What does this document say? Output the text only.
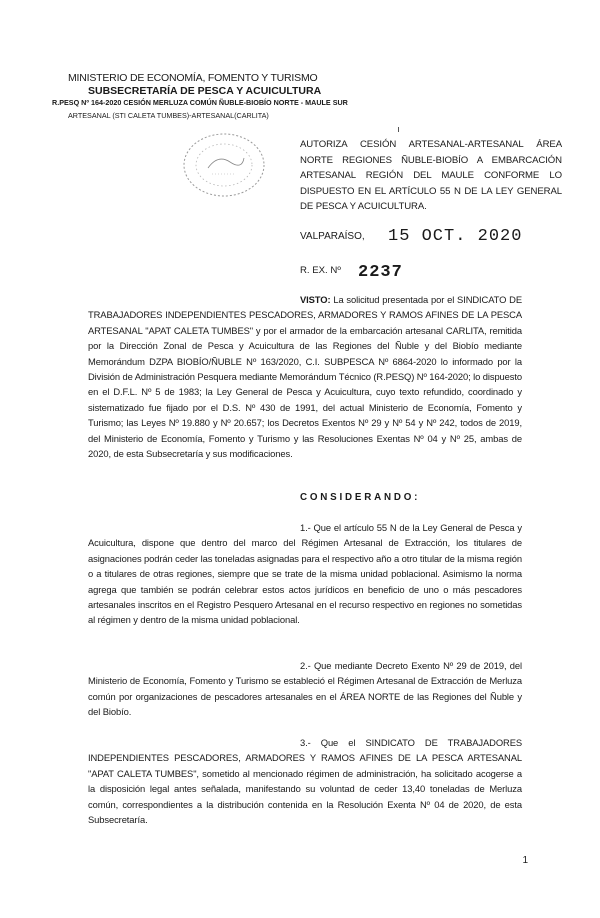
MINISTERIO DE ECONOMÍA, FOMENTO Y TURISMO
SUBSECRETARÍA DE PESCA Y ACUICULTURA
R.PESQ Nº 164-2020 CESIÓN MERLUZA COMÚN ÑUBLE-BIOBÍO NORTE - MAULE SUR
ARTESANAL (STI CALETA TUMBES)-ARTESANAL(CARLITA)
AUTORIZA CESIÓN ARTESANAL-ARTESANAL ÁREA NORTE REGIONES ÑUBLE-BIOBÍO A EMBARCACIÓN ARTESANAL REGIÓN DEL MAULE CONFORME LO DISPUESTO EN EL ARTÍCULO 55 N DE LA LEY GENERAL DE PESCA Y ACUICULTURA.
VALPARAÍSO, 15 OCT. 2020
R. EX. Nº 2237
VISTO: La solicitud presentada por el SINDICATO DE TRABAJADORES INDEPENDIENTES PESCADORES, ARMADORES Y RAMOS AFINES DE LA PESCA ARTESANAL "APAT CALETA TUMBES" y por el armador de la embarcación artesanal CARLITA, remitida por la Dirección Zonal de Pesca y Acuicultura de las Regiones del Ñuble y del Biobío mediante Memorándum DZPA BIOBÍO/ÑUBLE Nº 163/2020, C.I. SUBPESCA Nº 6864-2020 lo informado por la División de Administración Pesquera mediante Memorándum Técnico (R.PESQ) Nº 164-2020; lo dispuesto en el D.F.L. Nº 5 de 1983; la Ley General de Pesca y Acuicultura, cuyo texto refundido, coordinado y sistematizado fue fijado por el D.S. Nº 430 de 1991, del actual Ministerio de Economía, Fomento y Turismo; las Leyes Nº 19.880 y Nº 20.657; los Decretos Exentos Nº 29 y Nº 54 y Nº 242, todos de 2019, del Ministerio de Economía, Fomento y Turismo y las Resoluciones Exentas Nº 04 y Nº 25, ambas de 2020, de esta Subsecretaría y sus modificaciones.
CONSIDERANDO:
1.- Que el artículo 55 N de la Ley General de Pesca y Acuicultura, dispone que dentro del marco del Régimen Artesanal de Extracción, los titulares de asignaciones podrán ceder las toneladas asignadas para el respectivo año a otro titular de la misma región o a titulares de otras regiones, siempre que se trate de la misma unidad poblacional. Asimismo la norma agrega que también se podrán celebrar estos actos jurídicos en beneficio de uno o más pescadores artesanales inscritos en el Registro Pesquero Artesanal en el recurso respectivo en regiones no sometidas al régimen y dentro de la misma unidad poblacional.
2.- Que mediante Decreto Exento Nº 29 de 2019, del Ministerio de Economía, Fomento y Turismo se estableció el Régimen Artesanal de Extracción de Merluza común por organizaciones de pescadores artesanales en el ÁREA NORTE de las Regiones del Ñuble y del Biobío.
3.- Que el SINDICATO DE TRABAJADORES INDEPENDIENTES PESCADORES, ARMADORES Y RAMOS AFINES DE LA PESCA ARTESANAL "APAT CALETA TUMBES", sometido al mencionado régimen de administración, ha solicitado acogerse a la disposición legal antes señalada, manifestando su voluntad de ceder 13,40 toneladas de Merluza común, correspondientes a la distribución contenida en la Resolución Exenta Nº 04 de 2020, de esta Subsecretaría.
1
